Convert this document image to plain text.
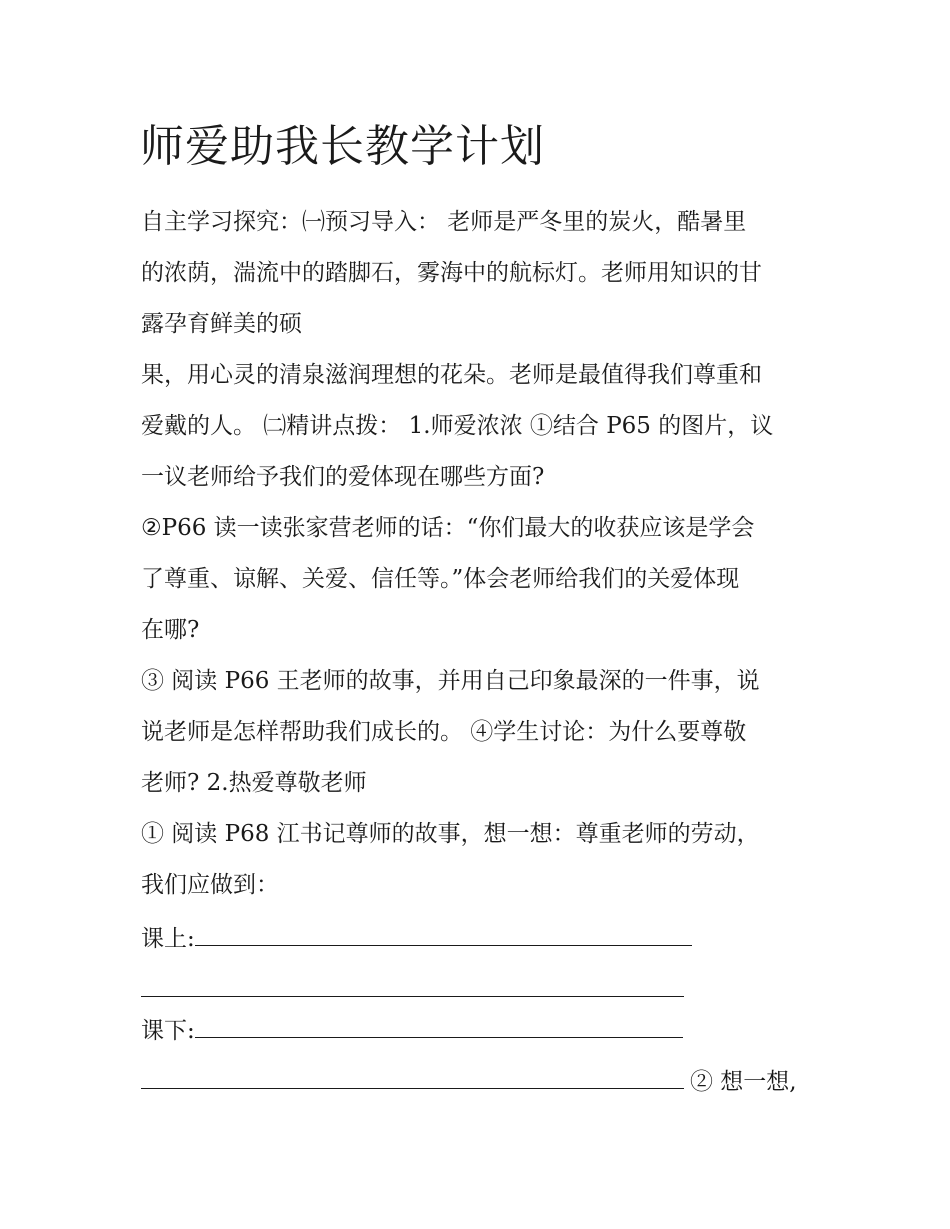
师爱助我长教学计划

自主学习探究：㈠预习导入： 老师是严冬里的炭火，酷暑里

的浓荫，湍流中的踏脚石，雾海中的航标灯。老师用知识的甘

露孕育鲜美的硕

果，用心灵的清泉滋润理想的花朵。老师是最值得我们尊重和

爱戴的人。 ㈡精讲点拨： 1.师爱浓浓 ①结合 P65 的图片，议

一议老师给予我们的爱体现在哪些方面?

②P66 读一读张家营老师的话：“你们最大的收获应该是学会

了尊重、谅解、关爱、信任等。”体会老师给我们的关爱体现

在哪?

③ 阅读 P66 王老师的故事，并用自己印象最深的一件事，说

说老师是怎样帮助我们成长的。 ④学生讨论：为什么要尊敬

老师? 2.热爱尊敬老师

① 阅读 P68 江书记尊师的故事，想一想：尊重老师的劳动，

我们应做到：

课上:

课下:

② 想一想,
